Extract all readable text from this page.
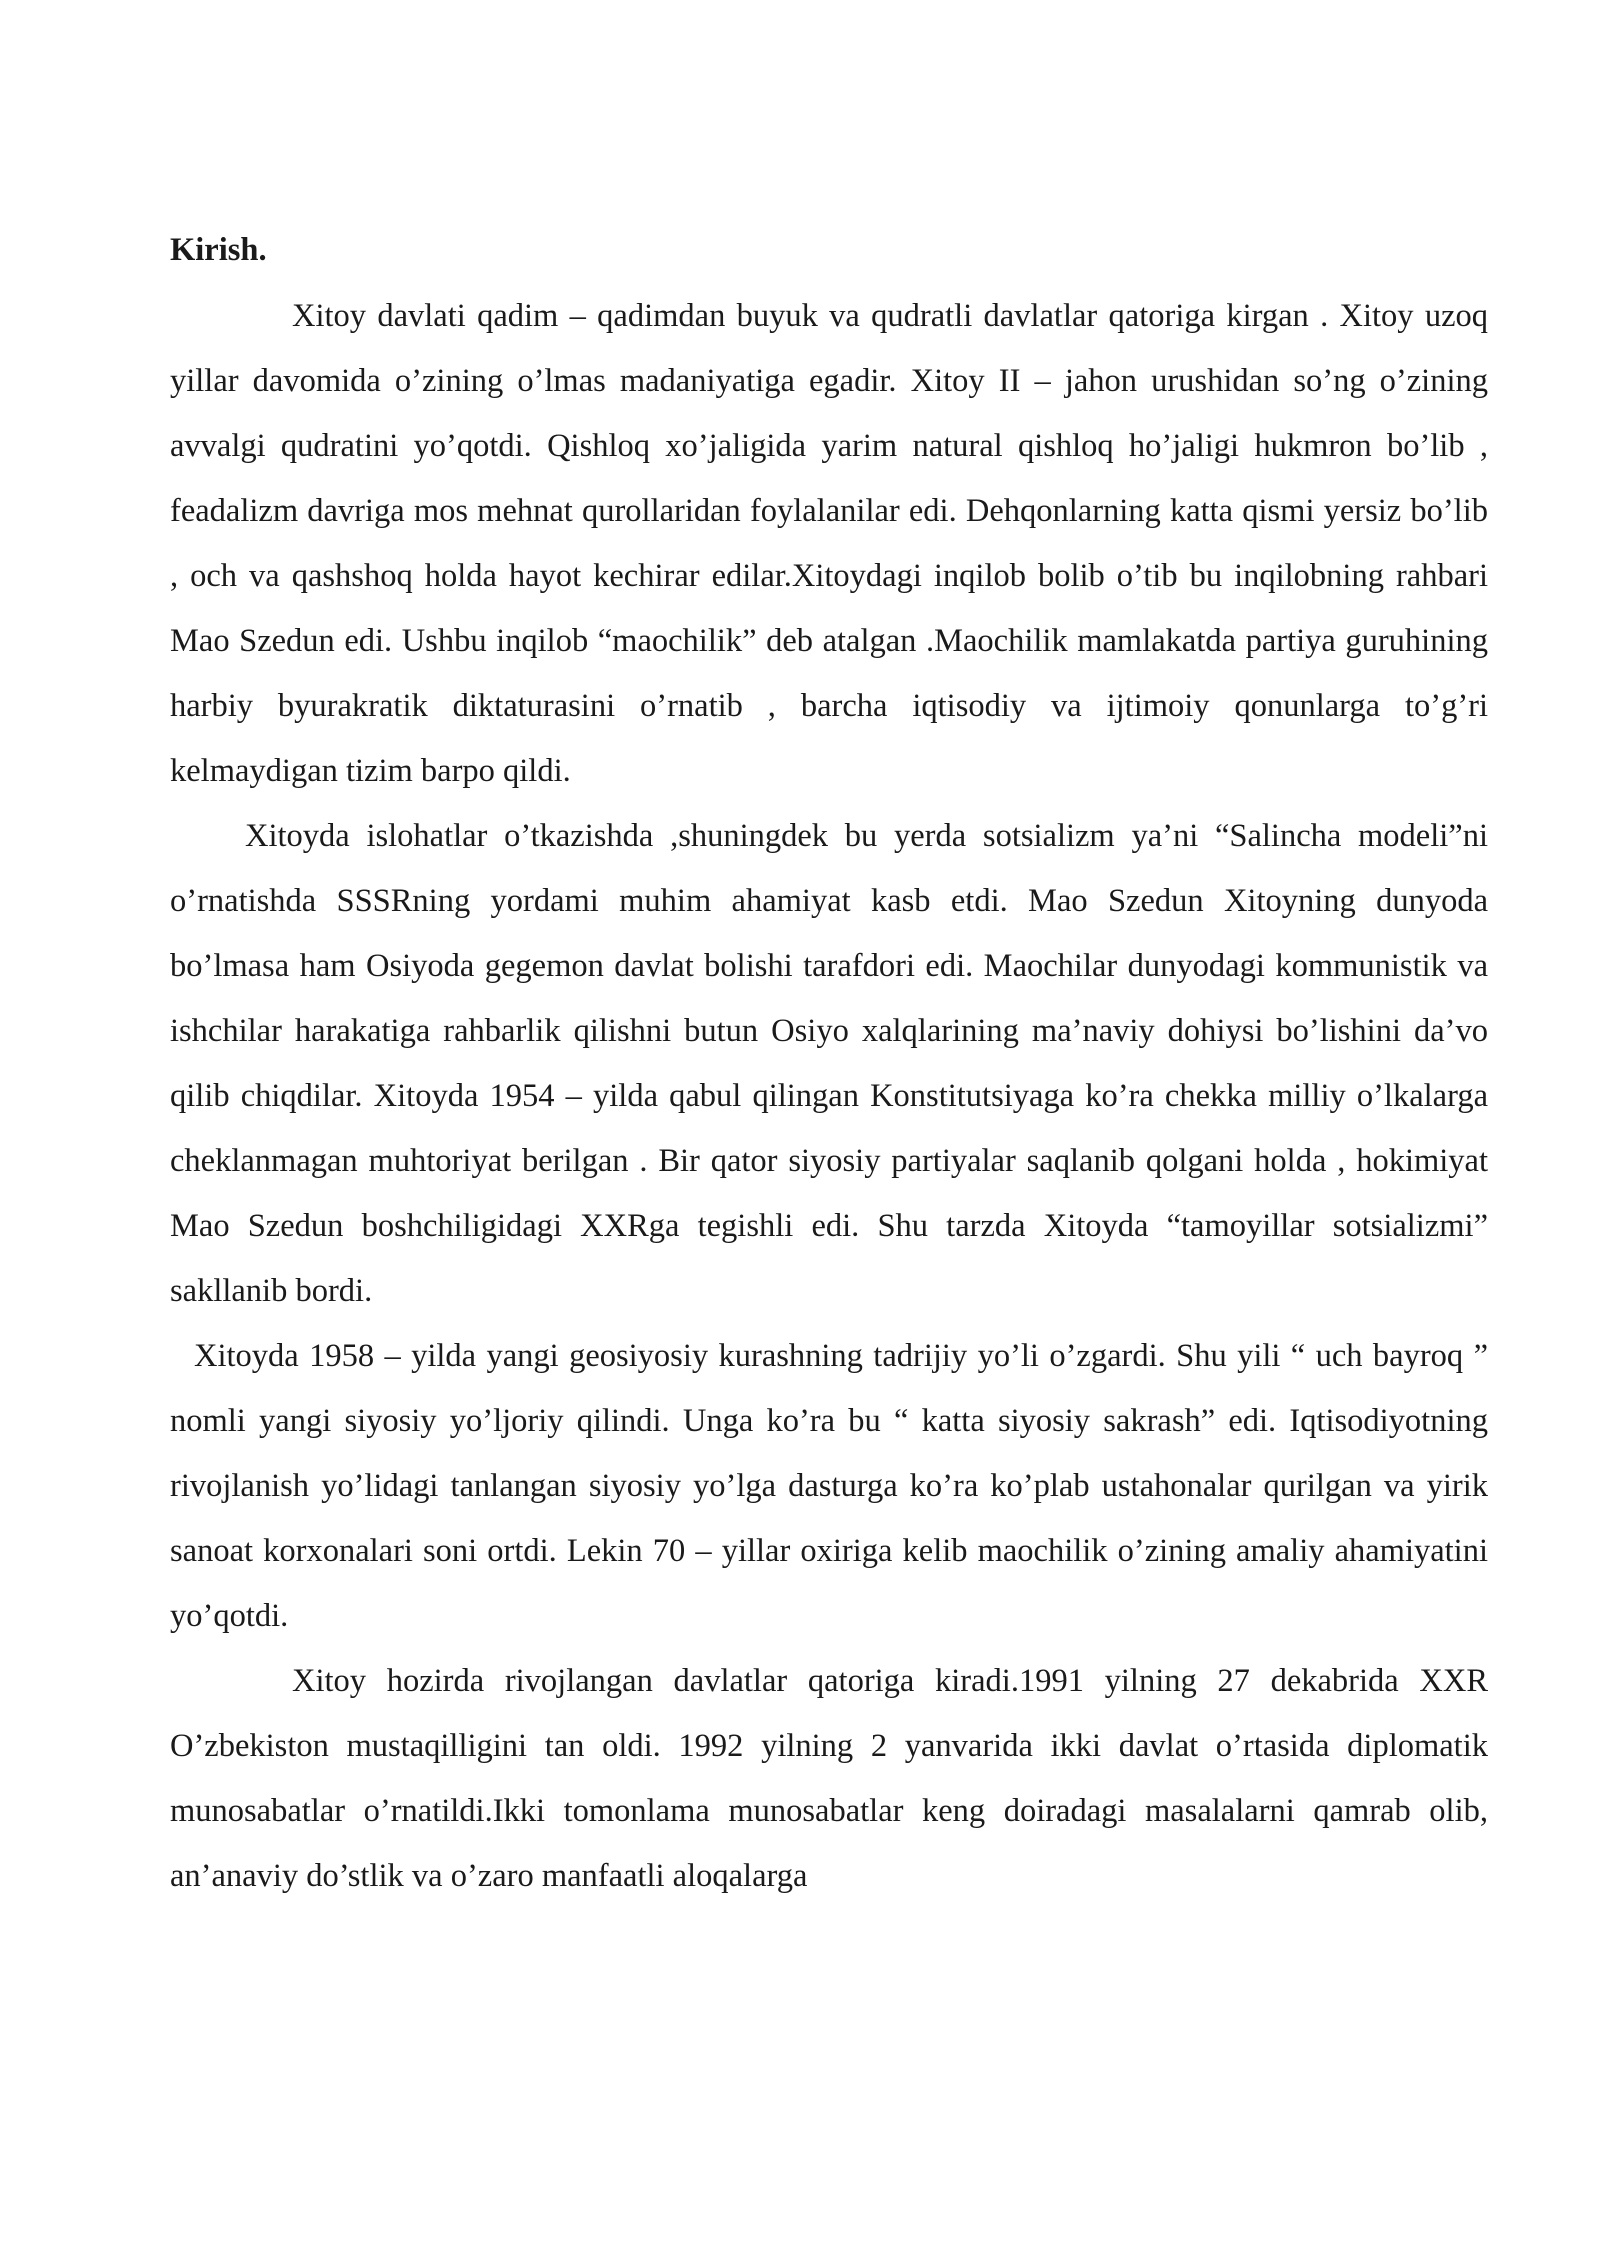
Kirish.

Xitoy davlati qadim – qadimdan buyuk va qudratli davlatlar qatoriga kirgan . Xitoy uzoq yillar davomida o’zining o’lmas madaniyatiga egadir. Xitoy II – jahon urushidan so’ng o’zining avvalgi qudratini yo’qotdi. Qishloq xo’jaligida yarim natural qishloq ho’jaligi hukmron bo’lib , feadalizm davriga mos mehnat qurollaridan foylalanilar edi. Dehqonlarning katta qismi yersiz bo’lib , och va qashshoq holda hayot kechirar edilar.Xitoydagi inqilob bolib o’tib bu inqilobning rahbari Mao Szedun edi. Ushbu inqilob “maochilik” deb atalgan .Maochilik mamlakatda partiya guruhining harbiy byurakratik diktaturasini o’rnatib , barcha iqtisodiy va ijtimoiy qonunlarga to’g’ri kelmaydigan tizim barpo qildi.

Xitoyda islohatlar o’tkazishda ,shuningdek bu yerda sotsializm ya’ni “Salincha modeli”ni o’rnatishda SSSRning yordami muhim ahamiyat kasb etdi. Mao Szedun Xitoyning dunyoda bo’lmasa ham Osiyoda gegemon davlat bolishi tarafdori edi. Maochilar dunyodagi kommunistik va ishchilar harakatiga rahbarlik qilishni butun Osiyo xalqlarining ma’naviy dohiysi bo’lishini da’vo qilib chiqdilar. Xitoyda 1954 – yilda qabul qilingan Konstitutsiyaga ko’ra chekka milliy o’lkalarga cheklanmagan muhtoriyat berilgan . Bir qator siyosiy partiyalar saqlanib qolgani holda , hokimiyat Mao Szedun boshchiligidagi XXRga tegishli edi. Shu tarzda Xitoyda “tamoyillar sotsializmi” sakllanib bordi.

Xitoyda 1958 – yilda yangi geosiyosiy kurashning tadrijiy yo’li o’zgardi. Shu yili “ uch bayroq ” nomli yangi siyosiy yo’ljoriy qilindi. Unga ko’ra bu “ katta siyosiy sakrash” edi. Iqtisodiyotning rivojlanish yo’lidagi tanlangan siyosiy yo’lga dasturga ko’ra ko’plab ustahonalar qurilgan va yirik sanoat korxonalari soni ortdi. Lekin 70 – yillar oxiriga kelib maochilik o’zining amaliy ahamiyatini yo’qotdi.

Xitoy hozirda rivojlangan davlatlar qatoriga kiradi.1991 yilning 27 dekabrida XXR O’zbekiston mustaqilligini tan oldi. 1992 yilning 2 yanvarida ikki davlat o’rtasida diplomatik munosabatlar o’rnatildi.Ikki tomonlama munosabatlar keng doiradagi masalalarni qamrab olib, an’anaviy do’stlik va o’zaro manfaatli aloqalarga
